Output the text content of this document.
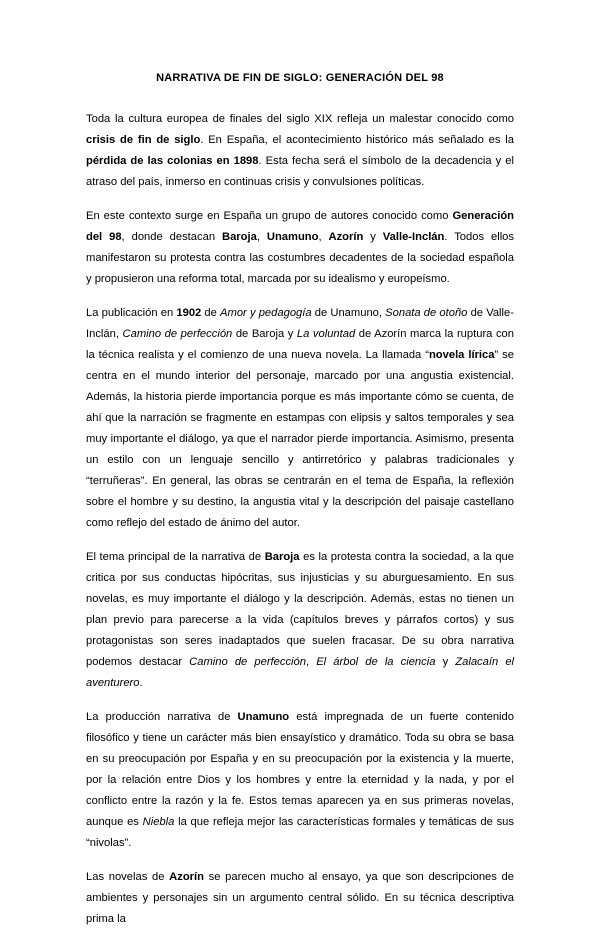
NARRATIVA DE FIN DE SIGLO: GENERACIÓN DEL 98

Toda la cultura europea de finales del siglo XIX refleja un malestar conocido como crisis de fin de siglo. En España, el acontecimiento histórico más señalado es la pérdida de las colonias en 1898. Esta fecha será el símbolo de la decadencia y el atraso del país, inmerso en continuas crisis y convulsiones políticas.

En este contexto surge en España un grupo de autores conocido como Generación del 98, donde destacan Baroja, Unamuno, Azorín y Valle-Inclán. Todos ellos manifestaron su protesta contra las costumbres decadentes de la sociedad española y propusieron una reforma total, marcada por su idealismo y europeísmo.

La publicación en 1902 de Amor y pedagogía de Unamuno, Sonata de otoño de Valle-Inclán, Camino de perfección de Baroja y La voluntad de Azorín marca la ruptura con la técnica realista y el comienzo de una nueva novela. La llamada “novela lírica” se centra en el mundo interior del personaje, marcado por una angustia existencial. Además, la historia pierde importancia porque es más importante cómo se cuenta, de ahí que la narración se fragmente en estampas con elipsis y saltos temporales y sea muy importante el diálogo, ya que el narrador pierde importancia. Asimismo, presenta un estilo con un lenguaje sencillo y antirretórico y palabras tradicionales y “terruñeras”. En general, las obras se centrarán en el tema de España, la reflexión sobre el hombre y su destino, la angustia vital y la descripción del paisaje castellano como reflejo del estado de ánimo del autor.

El tema principal de la narrativa de Baroja es la protesta contra la sociedad, a la que critica por sus conductas hipócritas, sus injusticias y su aburguesamiento. En sus novelas, es muy importante el diálogo y la descripción. Además, estas no tienen un plan previo para parecerse a la vida (capítulos breves y párrafos cortos) y sus protagonistas son seres inadaptados que suelen fracasar. De su obra narrativa podemos destacar Camino de perfección, El árbol de la ciencia y Zalacaín el aventurero.

La producción narrativa de Unamuno está impregnada de un fuerte contenido filosófico y tiene un carácter más bien ensayístico y dramático. Toda su obra se basa en su preocupación por España y en su preocupación por la existencia y la muerte, por la relación entre Dios y los hombres y entre la eternidad y la nada, y por el conflicto entre la razón y la fe. Estos temas aparecen ya en sus primeras novelas, aunque es Niebla la que refleja mejor las características formales y temáticas de sus “nivolas”.

Las novelas de Azorín se parecen mucho al ensayo, ya que son descripciones de ambientes y personajes sin un argumento central sólido. En su técnica descriptiva prima la
